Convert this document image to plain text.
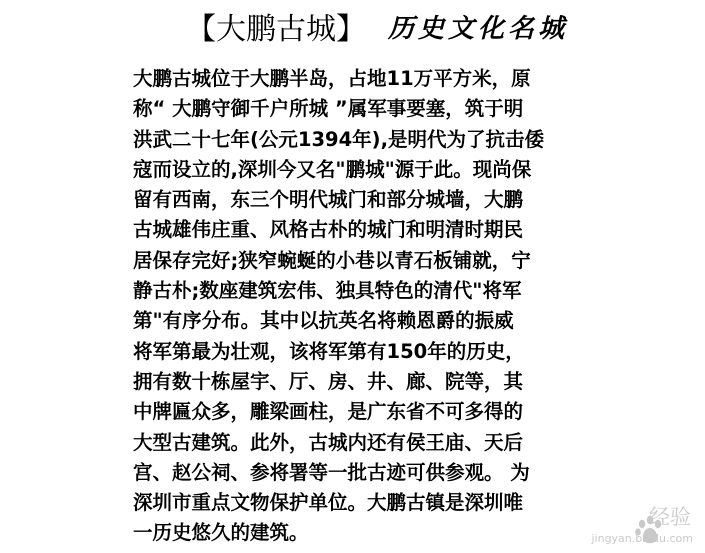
【大鹏古城】 历史文化名城
大鹏古城位于大鹏半岛，占地11万平方米，原
称“ 大鹏守御千户所城 ”属军事要塞，筑于明
洪武二十七年(公元1394年),是明代为了抗击倭
寇而设立的,深圳今又名"鹏城"源于此。现尚保
留有西南，东三个明代城门和部分城墙，大鹏
古城雄伟庄重、风格古朴的城门和明清时期民
居保存完好;狭窄蜿蜒的小巷以青石板铺就，宁
静古朴;数座建筑宏伟、独具特色的清代"将军
第"有序分布。其中以抗英名将赖恩爵的振威
将军第最为壮观，该将军第有150年的历史，
拥有数十栋屋宇、厅、房、井、廊、院等，其
中牌匾众多，雕梁画柱，是广东省不可多得的
大型古建筑。此外，古城内还有侯王庙、天后
宫、赵公祠、参将署等一批古迹可供参观。 为
深圳市重点文物保护单位。大鹏古镇是深圳唯
一历史悠久的建筑。
经验
jingyan.baidu.com
